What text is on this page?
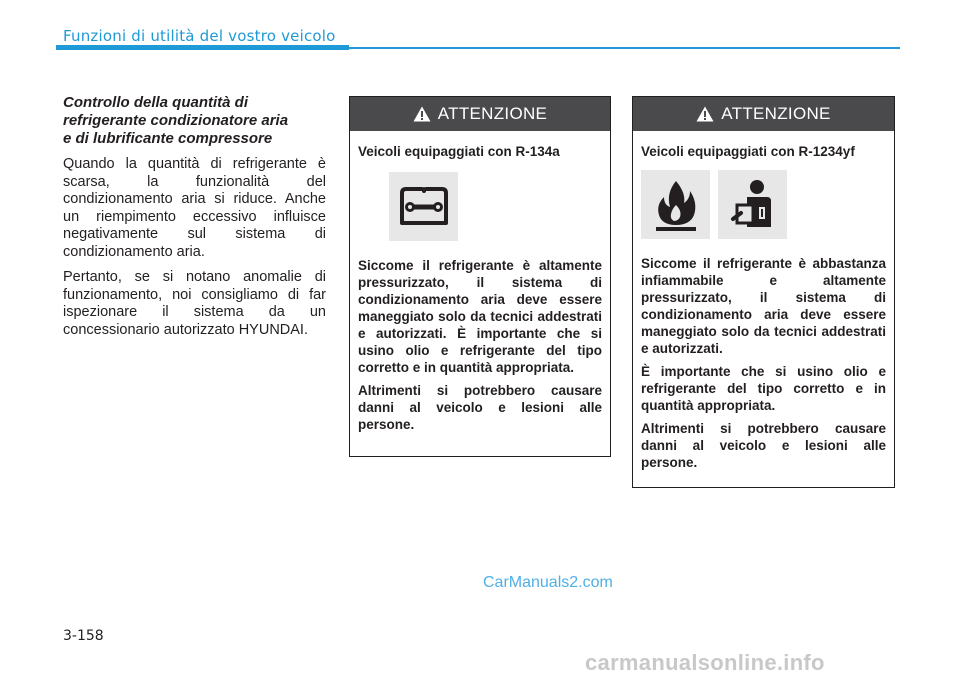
Funzioni di utilità del vostro veicolo
Controllo della quantità di
refrigerante condizionatore aria
e di lubrificante compressore

Quando la quantità di refrigerante è scarsa, la funzionalità del condizionamento aria si riduce. Anche un riempimento eccessivo influisce negativamente sul sistema di condizionamento aria.

Pertanto, se si notano anomalie di funzionamento, noi consigliamo di far ispezionare il sistema da un concessionario autorizzato HYUNDAI.

ATTENZIONE
Veicoli equipaggiati con R-134a

Siccome il refrigerante è altamente pressurizzato, il sistema di condizionamento aria deve essere maneggiato solo da tecnici addestrati e autorizzati. È importante che si usino olio e refrigerante del tipo corretto e in quantità appropriata.

Altrimenti si potrebbero causare danni al veicolo e lesioni alle persone.

ATTENZIONE
Veicoli equipaggiati con R-1234yf

Siccome il refrigerante è abbastanza infiammabile e altamente pressurizzato, il sistema di condizionamento aria deve essere maneggiato solo da tecnici addestrati e autorizzati.

È importante che si usino olio e refrigerante del tipo corretto e in quantità appropriata.

Altrimenti si potrebbero causare danni al veicolo e lesioni alle persone.

CarManuals2.com
3-158
carmanualsonline.info
